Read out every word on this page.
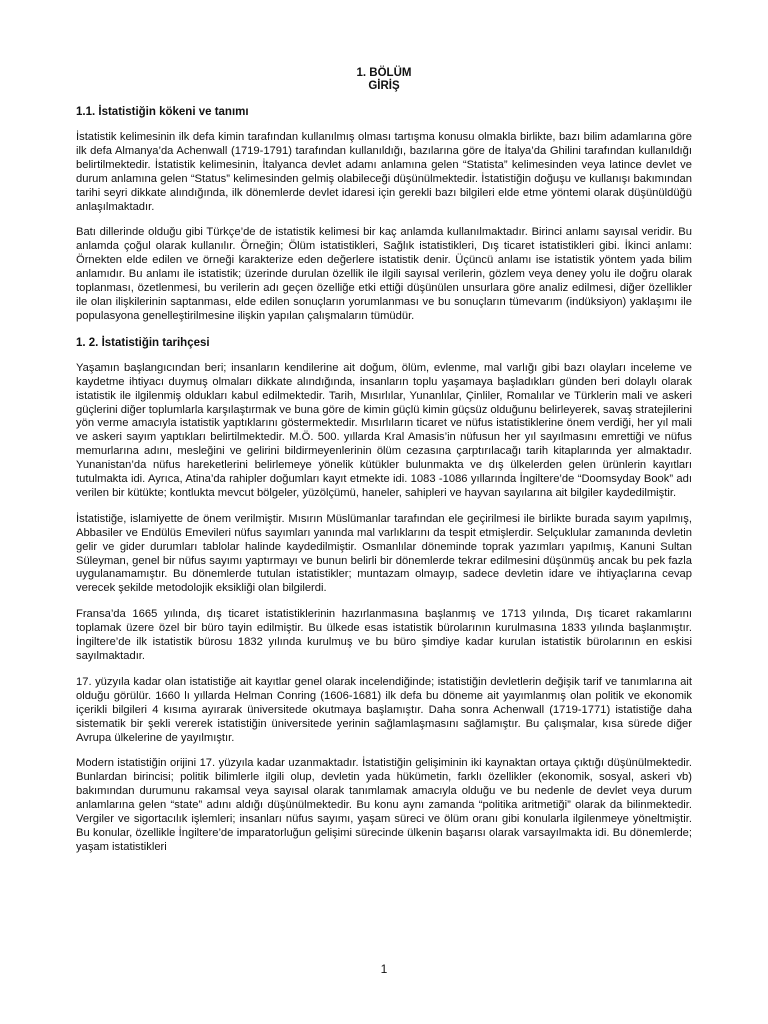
1. BÖLÜM
GİRİŞ
1.1. İstatistiğin kökeni ve tanımı

İstatistik kelimesinin ilk defa kimin tarafından kullanılmış olması tartışma konusu olmakla birlikte, bazı bilim adamlarına göre ilk defa Almanya’da Achenwall (1719-1791) tarafından kullanıldığı, bazılarına göre de İtalya’da Ghilini tarafından kullanıldığı belirtilmektedir. İstatistik kelimesinin, İtalyanca devlet adamı anlamına gelen “Statista” kelimesinden veya latince devlet ve durum anlamına gelen “Status” kelimesinden gelmiş olabileceği düşünülmektedir. İstatistiğin doğuşu ve kullanışı bakımından tarihi seyri dikkate alındığında, ilk dönemlerde devlet idaresi için gerekli bazı bilgileri elde etme yöntemi olarak düşünüldüğü anlaşılmaktadır.

Batı dillerinde olduğu gibi Türkçe’de de istatistik kelimesi bir kaç anlamda kullanılmaktadır. Birinci anlamı sayısal veridir. Bu anlamda çoğul olarak kullanılır. Örneğin; Ölüm istatistikleri, Sağlık istatistikleri, Dış ticaret istatistikleri gibi. İkinci anlamı: Örnekten elde edilen ve örneği karakterize eden değerlere istatistik denir. Üçüncü anlamı ise istatistik yöntem yada bilim anlamıdır. Bu anlamı ile istatistik; üzerinde durulan özellik ile ilgili sayısal verilerin, gözlem veya deney yolu ile doğru olarak toplanması, özetlenmesi, bu verilerin adı geçen özelliğe etki ettiği düşünülen unsurlara göre analiz edilmesi, diğer özellikler ile olan ilişkilerinin saptanması, elde edilen sonuçların yorumlanması ve bu sonuçların tümevarım (indüksiyon) yaklaşımı ile populasyona genelleştirilmesine ilişkin yapılan çalışmaların tümüdür.

1. 2. İstatistiğin tarihçesi

Yaşamın başlangıcından beri; insanların kendilerine ait doğum, ölüm, evlenme, mal varlığı gibi bazı olayları inceleme ve kaydetme ihtiyacı duymuş olmaları dikkate alındığında, insanların toplu yaşamaya başladıkları günden beri dolaylı olarak istatistik ile ilgilenmiş oldukları kabul edilmektedir. Tarih, Mısırlılar, Yunanlılar, Çinliler, Romalılar ve Türklerin mali ve askeri güçlerini diğer toplumlarla karşılaştırmak ve buna göre de kimin güçlü kimin güçsüz olduğunu belirleyerek, savaş stratejilerini yön verme amacıyla istatistik yaptıklarını göstermektedir. Mısırlıların ticaret ve nüfus istatistiklerine önem verdiği, her yıl mali ve askeri sayım yaptıkları belirtilmektedir. M.Ö. 500. yıllarda Kral Amasis’in nüfusun her yıl sayılmasını emrettiği ve nüfus memurlarına adını, mesleğini ve gelirini bildirmeyenlerinin ölüm cezasına çarptırılacağı tarih kitaplarında yer almaktadır. Yunanistan’da nüfus hareketlerini belirlemeye yönelik kütükler bulunmakta ve dış ülkelerden gelen ürünlerin kayıtları tutulmakta idi. Ayrıca, Atina’da rahipler doğumları kayıt etmekte idi. 1083 -1086 yıllarında İngiltere’de “Doomsyday Book” adı verilen bir kütükte; kontlukta mevcut bölgeler, yüzölçümü, haneler, sahipleri ve hayvan sayılarına ait bilgiler kaydedilmiştir.

İstatistiğe, islamiyette de önem verilmiştir. Mısırın Müslümanlar tarafından ele geçirilmesi ile birlikte burada sayım yapılmış, Abbasiler ve Endülüs Emevileri nüfus sayımları yanında mal varlıklarını da tespit etmişlerdir. Selçuklular zamanında devletin gelir ve gider durumları tablolar halinde kaydedilmiştir. Osmanlılar döneminde toprak yazımları yapılmış, Kanuni Sultan Süleyman, genel bir nüfus sayımı yaptırmayı ve bunun belirli bir dönemlerde tekrar edilmesini düşünmüş ancak bu pek fazla uygulanamamıştır. Bu dönemlerde tutulan istatistikler; muntazam olmayıp, sadece devletin idare ve ihtiyaçlarına cevap verecek şekilde metodolojik eksikliği olan bilgilerdi.

Fransa’da 1665 yılında, dış ticaret istatistiklerinin hazırlanmasına başlanmış ve 1713 yılında, Dış ticaret rakamlarını toplamak üzere özel bir büro tayin edilmiştir. Bu ülkede esas istatistik bürolarının kurulmasına 1833 yılında başlanmıştır. İngiltere’de ilk istatistik bürosu 1832 yılında kurulmuş ve bu büro şimdiye kadar kurulan istatistik bürolarının en eskisi sayılmaktadır.

17. yüzyıla kadar olan istatistiğe ait kayıtlar genel olarak incelendiğinde; istatistiğin devletlerin değişik tarif ve tanımlarına ait olduğu görülür. 1660 lı yıllarda Helman Conring (1606-1681) ilk defa bu döneme ait yayımlanmış olan politik ve ekonomik içerikli bilgileri 4 kısıma ayırarak üniversitede okutmaya başlamıştır. Daha sonra Achenwall (1719-1771) istatistiğe daha sistematik bir şekli vererek istatistiğin üniversitede yerinin sağlamlaşmasını sağlamıştır. Bu çalışmalar, kısa sürede diğer Avrupa ülkelerine de yayılmıştır.

Modern istatistiğin orijini 17. yüzyıla kadar uzanmaktadır. İstatistiğin gelişiminin iki kaynaktan ortaya çıktığı düşünülmektedir. Bunlardan birincisi; politik bilimlerle ilgili olup, devletin yada hükümetin, farklı özellikler (ekonomik, sosyal, askeri vb) bakımından durumunu rakamsal veya sayısal olarak tanımlamak amacıyla olduğu ve bu nedenle de devlet veya durum anlamlarına gelen “state” adını aldığı düşünülmektedir. Bu konu aynı zamanda “politika aritmetiği” olarak da bilinmektedir. Vergiler ve sigortacılık işlemleri; insanları nüfus sayımı, yaşam süreci ve ölüm oranı gibi konularla ilgilenmeye yöneltmiştir. Bu konular, özellikle İngiltere’de imparatorluğun gelişimi sürecinde ülkenin başarısı olarak varsayılmakta idi. Bu dönemlerde; yaşam istatistikleri

1
